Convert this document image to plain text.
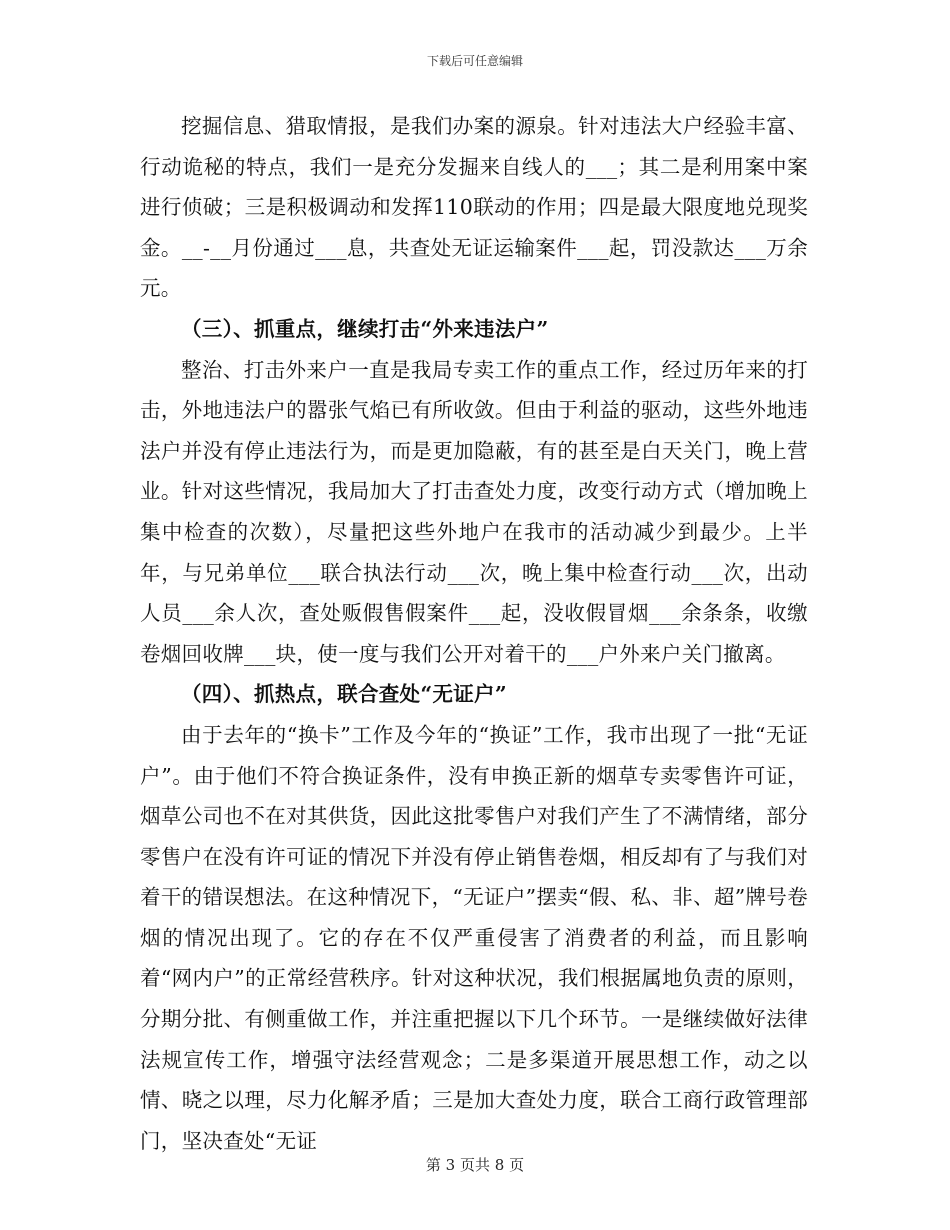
下载后可任意编辑

挖掘信息、猎取情报，是我们办案的源泉。针对违法大户经验丰富、行动诡秘的特点，我们一是充分发掘来自线人的___；其二是利用案中案进行侦破；三是积极调动和发挥110联动的作用；四是最大限度地兑现奖金。__-__月份通过___息，共查处无证运输案件___起，罚没款达___万余元。

（三）、抓重点，继续打击“外来违法户”

整治、打击外来户一直是我局专卖工作的重点工作，经过历年来的打击，外地违法户的嚣张气焰已有所收敛。但由于利益的驱动，这些外地违法户并没有停止违法行为，而是更加隐蔽，有的甚至是白天关门，晚上营业。针对这些情况，我局加大了打击查处力度，改变行动方式（增加晚上集中检查的次数），尽量把这些外地户在我市的活动减少到最少。上半年，与兄弟单位___联合执法行动___次，晚上集中检查行动___次，出动人员___余人次，查处贩假售假案件___起，没收假冒烟___余条条，收缴卷烟回收牌___块，使一度与我们公开对着干的___户外来户关门撤离。

（四）、抓热点，联合查处“无证户”

由于去年的“换卡”工作及今年的“换证”工作，我市出现了一批“无证户”。由于他们不符合换证条件，没有申换正新的烟草专卖零售许可证，烟草公司也不在对其供货，因此这批零售户对我们产生了不满情绪，部分零售户在没有许可证的情况下并没有停止销售卷烟，相反却有了与我们对着干的错误想法。在这种情况下，“无证户”摆卖“假、私、非、超”牌号卷烟的情况出现了。它的存在不仅严重侵害了消费者的利益，而且影响着“网内户”的正常经营秩序。针对这种状况，我们根据属地负责的原则，分期分批、有侧重做工作，并注重把握以下几个环节。一是继续做好法律法规宣传工作，增强守法经营观念；二是多渠道开展思想工作，动之以情、晓之以理，尽力化解矛盾；三是加大查处力度，联合工商行政管理部门，坚决查处“无证

第 3 页共 8 页
